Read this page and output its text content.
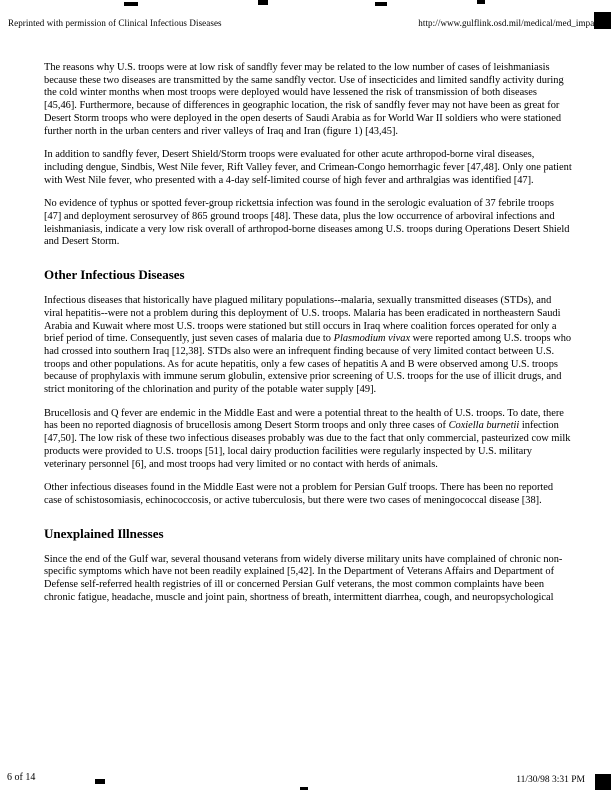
Reprinted with permission of Clinical Infectious Diseases	http://www.gulflink.osd.mil/medical/med_impact

The reasons why U.S. troops were at low risk of sandfly fever may be related to the low number of cases of leishmaniasis because these two diseases are transmitted by the same sandfly vector. Use of insecticides and limited sandfly activity during the cold winter months when most troops were deployed would have lessened the risk of transmission of both diseases [45,46]. Furthermore, because of differences in geographic location, the risk of sandfly fever may not have been as great for Desert Storm troops who were deployed in the open deserts of Saudi Arabia as for World War II soldiers who were stationed further north in the urban centers and river valleys of Iraq and Iran (figure 1) [43,45].

In addition to sandfly fever, Desert Shield/Storm troops were evaluated for other acute arthropod-borne viral diseases, including dengue, Sindbis, West Nile fever, Rift Valley fever, and Crimean-Congo hemorrhagic fever [47,48]. Only one patient with West Nile fever, who presented with a 4-day self-limited course of high fever and arthralgias was identified [47].

No evidence of typhus or spotted fever-group rickettsia infection was found in the serologic evaluation of 37 febrile troops [47] and deployment serosurvey of 865 ground troops [48]. These data, plus the low occurrence of arboviral infections and leishmaniasis, indicate a very low risk overall of arthropod-borne diseases among U.S. troops during Operations Desert Shield and Desert Storm.

Other Infectious Diseases

Infectious diseases that historically have plagued military populations--malaria, sexually transmitted diseases (STDs), and viral hepatitis--were not a problem during this deployment of U.S. troops. Malaria has been eradicated in northeastern Saudi Arabia and Kuwait where most U.S. troops were stationed but still occurs in Iraq where coalition forces operated for only a brief period of time. Consequently, just seven cases of malaria due to Plasmodium vivax were reported among U.S. troops who had crossed into southern Iraq [12,38]. STDs also were an infrequent finding because of very limited contact between U.S. troops and other populations. As for acute hepatitis, only a few cases of hepatitis A and B were observed among U.S. troops because of prophylaxis with immune serum globulin, extensive prior screening of U.S. troops for the use of illicit drugs, and strict monitoring of the chlorination and purity of the potable water supply [49].

Brucellosis and Q fever are endemic in the Middle East and were a potential threat to the health of U.S. troops. To date, there has been no reported diagnosis of brucellosis among Desert Storm troops and only three cases of Coxiella burnetii infection [47,50]. The low risk of these two infectious diseases probably was due to the fact that only commercial, pasteurized cow milk products were provided to U.S. troops [51], local dairy production facilities were regularly inspected by U.S. military veterinary personnel [6], and most troops had very limited or no contact with herds of animals.

Other infectious diseases found in the Middle East were not a problem for Persian Gulf troops. There has been no reported case of schistosomiasis, echinococcosis, or active tuberculosis, but there were two cases of meningococcal disease [38].

Unexplained Illnesses

Since the end of the Gulf war, several thousand veterans from widely diverse military units have complained of chronic non-specific symptoms which have not been readily explained [5,42]. In the Department of Veterans Affairs and Department of Defense self-referred health registries of ill or concerned Persian Gulf veterans, the most common complaints have been chronic fatigue, headache, muscle and joint pain, shortness of breath, intermittent diarrhea, cough, and neuropsychological

6 of 14	11/30/98 3:31 PM
